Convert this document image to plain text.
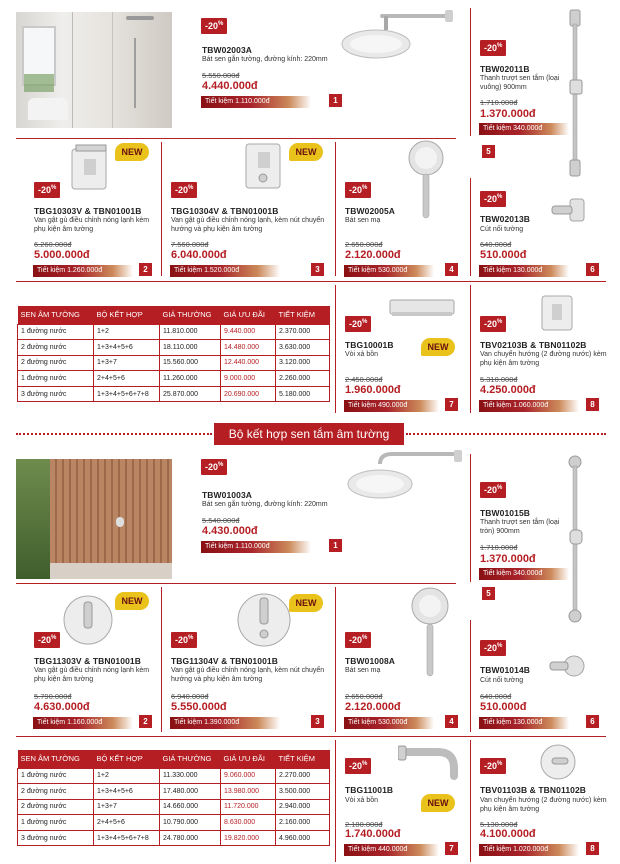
-20%
TBW02003A
Bát sen gắn tường, đường kính: 220mm
5.550.000đ
4.440.000đ
Tiết kiệm 1.110.000đ	1
-20%
TBW02011B
Thanh trượt sen tắm (loại vuông) 900mm
1.710.000đ
1.370.000đ
Tiết kiệm 340.000đ
5
NEW
-20%
TBG10303V & TBN01001B
Van gật gù điều chỉnh nóng lạnh kèm phụ kiện âm tường
6.260.000đ
5.000.000đ
Tiết kiệm 1.260.000đ	2
NEW
-20%
TBG10304V & TBN01001B
Van gật gù điều chỉnh nóng lạnh, kèm nút chuyển hướng và phụ kiện âm tường
7.560.000đ
6.040.000đ
Tiết kiệm 1.520.000đ	3
-20%
TBW02005A
Bát sen mạ
2.650.000đ
2.120.000đ
Tiết kiệm 530.000đ	4
-20%
TBW02013B
Cút nối tường
640.000đ
510.000đ
Tiết kiệm 130.000đ	6
SEN ÂM TƯỜNG	BỘ KẾT HỢP	GIÁ THƯỜNG	GIÁ ƯU ĐÃI	TIẾT KIỆM
1 đường nước	1+2	11.810.000	9.440.000	2.370.000
2 đường nước	1+3+4+5+6	18.110.000	14.480.000	3.630.000
2 đường nước	1+3+7	15.560.000	12.440.000	3.120.000
1 đường nước	2+4+5+6	11.260.000	9.000.000	2.260.000
3 đường nước	1+3+4+5+6+7+8	25.870.000	20.690.000	5.180.000
NEW
-20%
TBG10001B
Vòi xả bồn
2.450.000đ
1.960.000đ
Tiết kiệm 490.000đ	7
-20%
TBV02103B & TBN01102B
Van chuyển hướng (2 đường nước) kèm phụ kiện âm tường
5.310.000đ
4.250.000đ
Tiết kiệm 1.060.000đ	8
Bộ kết hợp sen tắm âm tường
-20%
TBW01003A
Bát sen gắn tường, đường kính: 220mm
5.540.000đ
4.430.000đ
Tiết kiệm 1.110.000đ	1
-20%
TBW01015B
Thanh trượt sen tắm (loại tròn) 900mm
1.710.000đ
1.370.000đ
Tiết kiệm 340.000đ
5
NEW
-20%
TBG11303V & TBN01001B
Van gật gù điều chỉnh nóng lạnh kèm phụ kiện âm tường
5.790.000đ
4.630.000đ
Tiết kiệm 1.160.000đ	2
NEW
-20%
TBG11304V & TBN01001B
Van gật gù điều chỉnh nóng lạnh, kèm nút chuyển hướng và phụ kiện âm tường
6.940.000đ
5.550.000đ
Tiết kiệm 1.390.000đ	3
-20%
TBW01008A
Bát sen mạ
2.650.000đ
2.120.000đ
Tiết kiệm 530.000đ	4
-20%
TBW01014B
Cút nối tường
640.000đ
510.000đ
Tiết kiệm 130.000đ	6
SEN ÂM TƯỜNG	BỘ KẾT HỢP	GIÁ THƯỜNG	GIÁ ƯU ĐÃI	TIẾT KIỆM
1 đường nước	1+2	11.330.000	9.060.000	2.270.000
2 đường nước	1+3+4+5+6	17.480.000	13.980.000	3.500.000
2 đường nước	1+3+7	14.660.000	11.720.000	2.940.000
1 đường nước	2+4+5+6	10.790.000	8.630.000	2.160.000
3 đường nước	1+3+4+5+6+7+8	24.780.000	19.820.000	4.960.000
NEW
-20%
TBG11001B
Vòi xả bồn
2.180.000đ
1.740.000đ
Tiết kiệm 440.000đ	7
-20%
TBV01103B & TBN01102B
Van chuyển hướng (2 đường nước) kèm phụ kiện âm tường
5.130.000đ
4.100.000đ
Tiết kiệm 1.020.000đ	8
